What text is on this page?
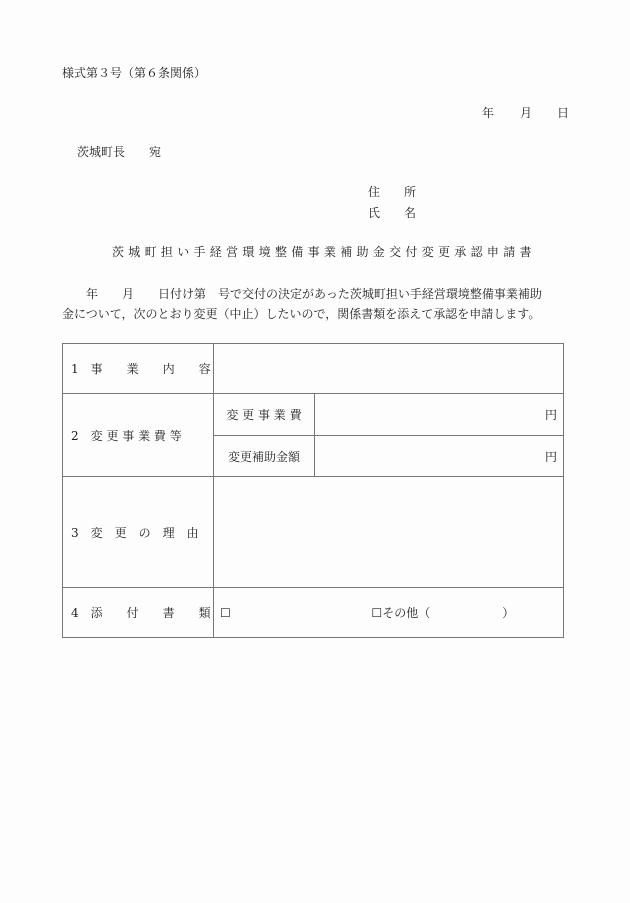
様式第３号（第６条関係）
年 月 日
茨城町長　　宛
住　　所
氏　　名
茨城町担い手経営環境整備事業補助金交付変更承認申請書
　　年　　月　　日付け第　号で交付の決定があった茨城町担い手経営環境整備事業補助
金について，次のとおり変更（中止）したいので，関係書類を添えて承認を申請します。
1　事　　業　　内　　容		
2　変 更 事 業 費 等	変 更 事 業 費	円
	変更補助金額	円
3　変　更　の　理　由		
4　添　　付　　書　　類	☐ ☐その他（　　　　　　）	
